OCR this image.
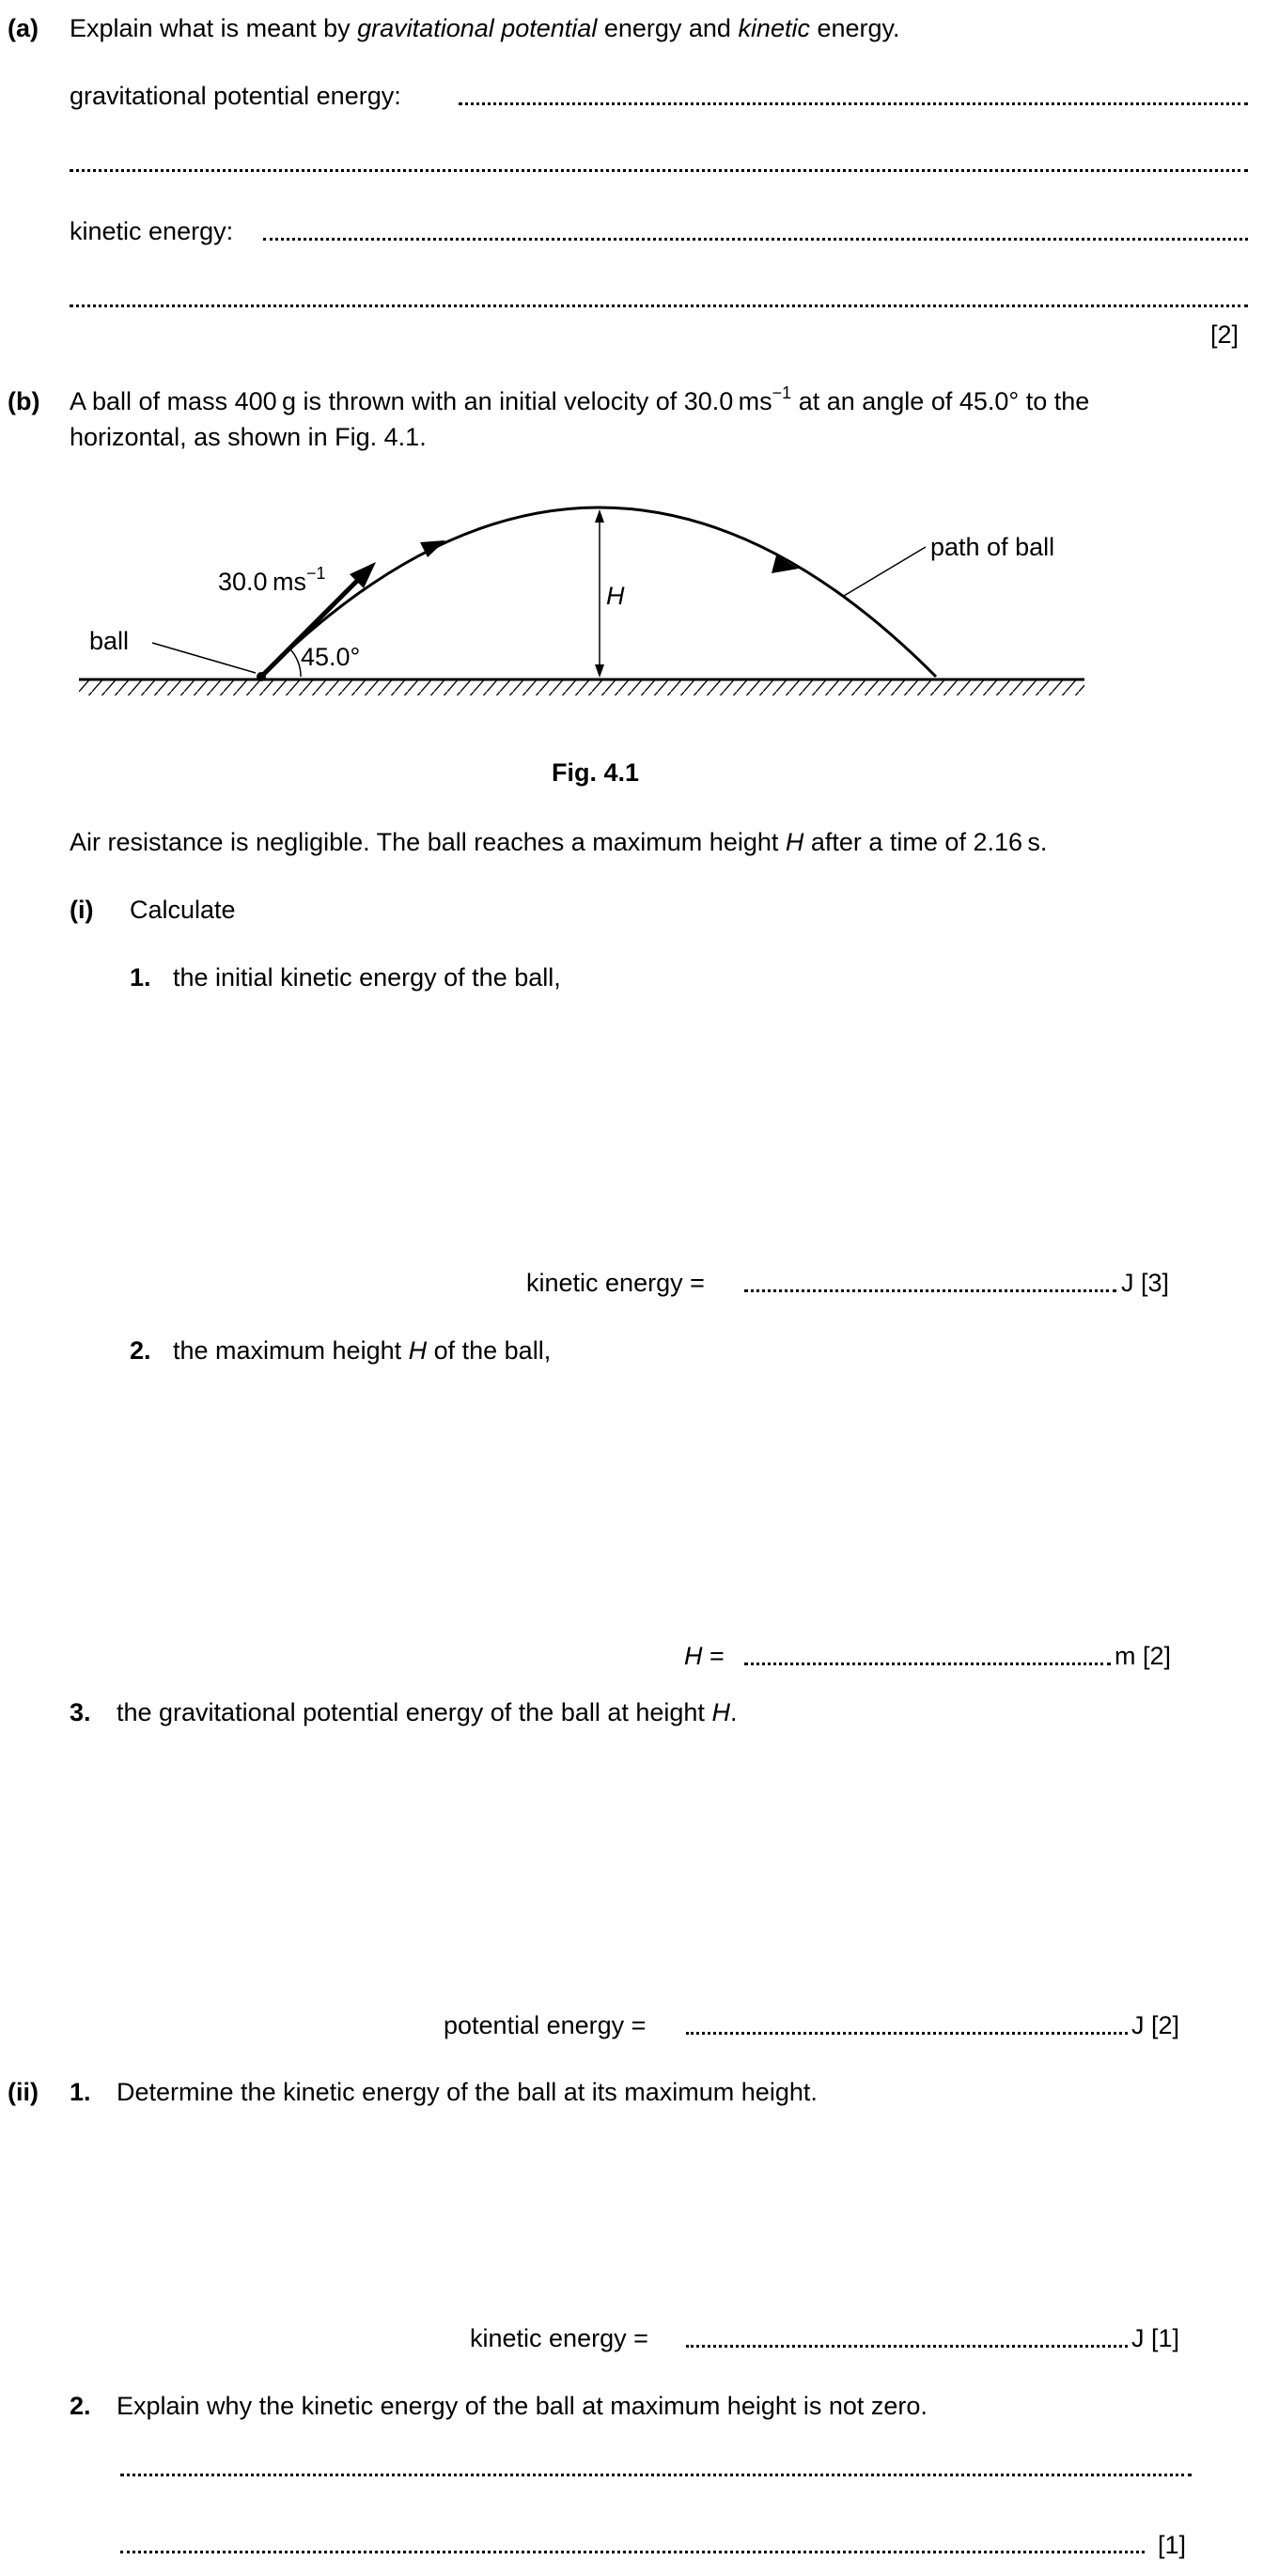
(a) Explain what is meant by gravitational potential energy and kinetic energy.
gravitational potential energy:
kinetic energy:
[2]
(b) A ball of mass 400 g is thrown with an initial velocity of 30.0 $ms^{-1}$ at an angle of 45.0° to the
horizontal, as shown in Fig. 4.1.
30.0 $ms^{-1}$
ball
45.0°
H
path of ball
Fig. 4.1
Air resistance is negligible. The ball reaches a maximum height H after a time of 2.16 s.
(i) Calculate
1. the initial kinetic energy of the ball,
kinetic energy =	J [3]
2. the maximum height H of the ball,
H =	m [2]
3. the gravitational potential energy of the ball at height H.
potential energy =	J [2]
(ii) 1. Determine the kinetic energy of the ball at its maximum height.
kinetic energy =	J [1]
2. Explain why the kinetic energy of the ball at maximum height is not zero.
[1]
